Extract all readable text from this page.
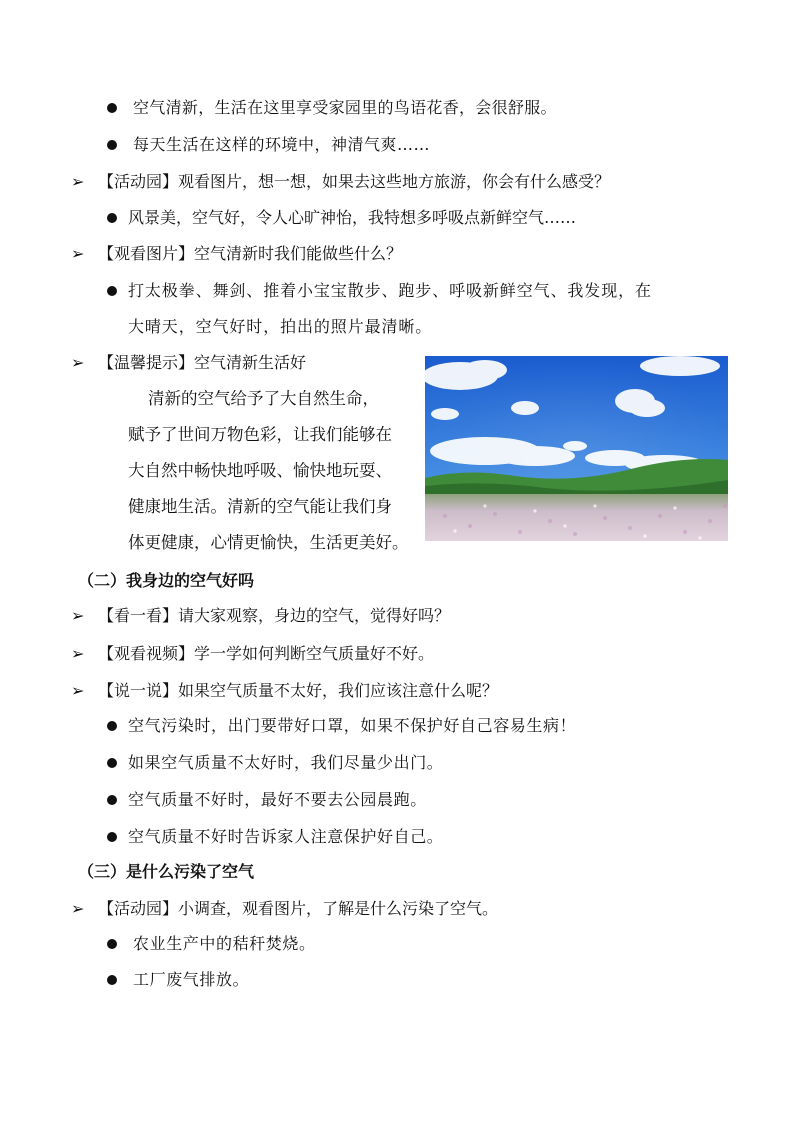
空气清新，生活在这里享受家园里的鸟语花香，会很舒服。
每天生活在这样的环境中，神清气爽……
➢ 【活动园】观看图片，想一想，如果去这些地方旅游，你会有什么感受？
风景美，空气好，令人心旷神怡，我特想多呼吸点新鲜空气……
➢ 【观看图片】空气清新时我们能做些什么？
打太极拳、舞剑、推着小宝宝散步、跑步、呼吸新鲜空气、我发现，在
大晴天，空气好时，拍出的照片最清晰。
➢ 【温馨提示】空气清新生活好
清新的空气给予了大自然生命，
赋予了世间万物色彩，让我们能够在
大自然中畅快地呼吸、愉快地玩耍、
健康地生活。清新的空气能让我们身
体更健康，心情更愉快，生活更美好。
（二）我身边的空气好吗
➢ 【看一看】请大家观察，身边的空气，觉得好吗？
➢ 【观看视频】学一学如何判断空气质量好不好。
➢ 【说一说】如果空气质量不太好，我们应该注意什么呢？
空气污染时，出门要带好口罩，如果不保护好自己容易生病！
如果空气质量不太好时，我们尽量少出门。
空气质量不好时，最好不要去公园晨跑。
空气质量不好时告诉家人注意保护好自己。
（三）是什么污染了空气
➢ 【活动园】小调查，观看图片，了解是什么污染了空气。
农业生产中的秸秆焚烧。
工厂废气排放。
